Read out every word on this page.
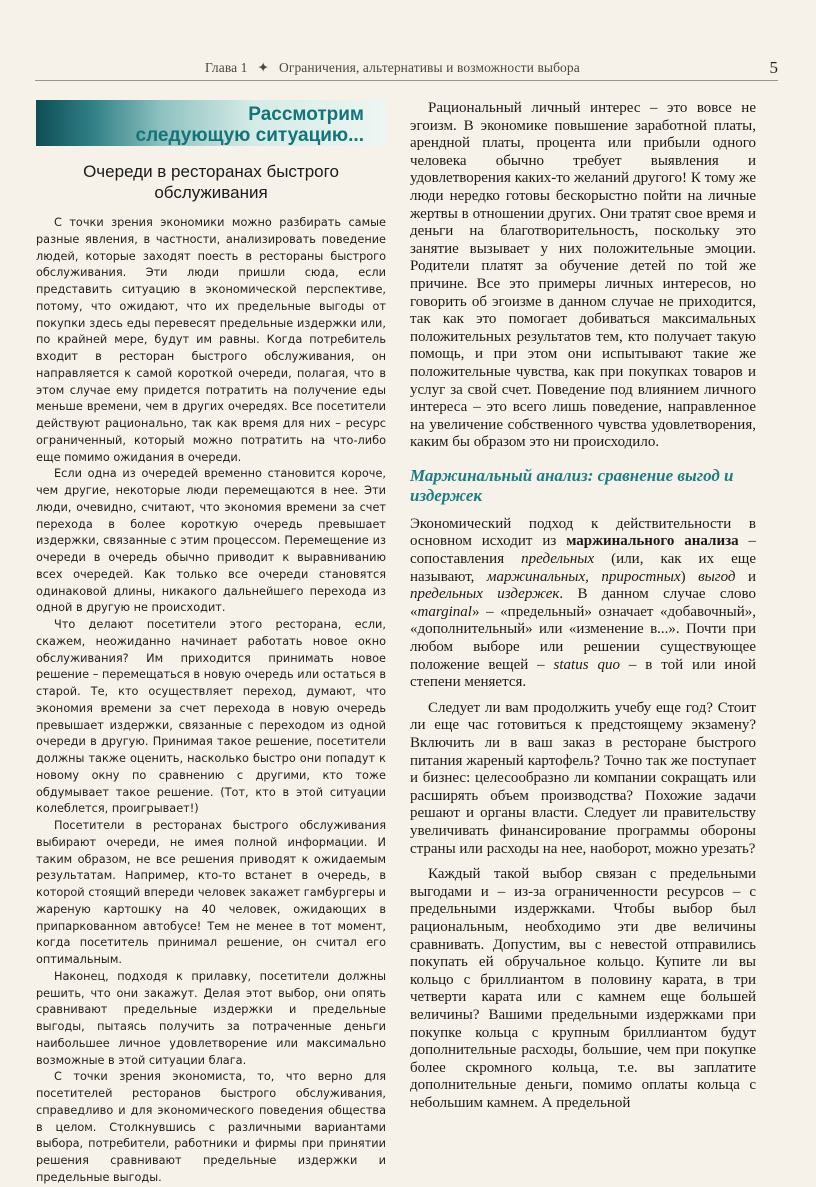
Глава 1 ✦ Ограничения, альтернативы и возможности выбора	5
Рассмотрим
следующую ситуацию...
Очереди в ресторанах быстрого
обслуживания

С точки зрения экономики можно разбирать самые разные явления, в частности, анализировать поведение людей, которые заходят поесть в рестораны быстрого обслуживания. Эти люди пришли сюда, если представить ситуацию в экономической перспективе, потому, что ожидают, что их предельные выгоды от покупки здесь еды перевесят предельные издержки или, по крайней мере, будут им равны. Когда потребитель входит в ресторан быстрого обслуживания, он направляется к самой короткой очереди, полагая, что в этом случае ему придется потратить на получение еды меньше времени, чем в других очередях. Все посетители действуют рационально, так как время для них – ресурс ограниченный, который можно потратить на что-либо еще помимо ожидания в очереди.

Если одна из очередей временно становится короче, чем другие, некоторые люди перемещаются в нее. Эти люди, очевидно, считают, что экономия времени за счет перехода в более короткую очередь превышает издержки, связанные с этим процессом. Перемещение из очереди в очередь обычно приводит к выравниванию всех очередей. Как только все очереди становятся одинаковой длины, никакого дальнейшего перехода из одной в другую не происходит.

Что делают посетители этого ресторана, если, скажем, неожиданно начинает работать новое окно обслуживания? Им приходится принимать новое решение – перемещаться в новую очередь или остаться в старой. Те, кто осуществляет переход, думают, что экономия времени за счет перехода в новую очередь превышает издержки, связанные с переходом из одной очереди в другую. Принимая такое решение, посетители должны также оценить, насколько быстро они попадут к новому окну по сравнению с другими, кто тоже обдумывает такое решение. (Тот, кто в этой ситуации колеблется, проигрывает!)

Посетители в ресторанах быстрого обслуживания выбирают очереди, не имея полной информации. И таким образом, не все решения приводят к ожидаемым результатам. Например, кто-то встанет в очередь, в которой стоящий впереди человек закажет гамбургеры и жареную картошку на 40 человек, ожидающих в припаркованном автобусе! Тем не менее в тот момент, когда посетитель принимал решение, он считал его оптимальным.

Наконец, подходя к прилавку, посетители должны решить, что они закажут. Делая этот выбор, они опять сравнивают предельные издержки и предельные выгоды, пытаясь получить за потраченные деньги наибольшее личное удовлетворение или максимально возможные в этой ситуации блага.

С точки зрения экономиста, то, что верно для посетителей ресторанов быстрого обслуживания, справедливо и для экономического поведения общества в целом. Столкнувшись с различными вариантами выбора, потребители, работники и фирмы при принятии решения сравнивают предельные издержки и предельные выгоды.

Рациональный личный интерес – это вовсе не эгоизм. В экономике повышение заработной платы, арендной платы, процента или прибыли одного человека обычно требует выявления и удовлетворения каких-то желаний другого! К тому же люди нередко готовы бескорыстно пойти на личные жертвы в отношении других. Они тратят свое время и деньги на благотворительность, поскольку это занятие вызывает у них положительные эмоции. Родители платят за обучение детей по той же причине. Все это примеры личных интересов, но говорить об эгоизме в данном случае не приходится, так как это помогает добиваться максимальных положительных результатов тем, кто получает такую помощь, и при этом они испытывают такие же положительные чувства, как при покупках товаров и услуг за свой счет. Поведение под влиянием личного интереса – это всего лишь поведение, направленное на увеличение собственного чувства удовлетворения, каким бы образом это ни происходило.

Маржинальный анализ: сравнение выгод и издержек

Экономический подход к действительности в основном исходит из маржинального анализа – сопоставления предельных (или, как их еще называют, маржинальных, приростных) выгод и предельных издержек. В данном случае слово «marginal» – «предельный» означает «добавочный», «дополнительный» или «изменение в...». Почти при любом выборе или решении существующее положение вещей – status quo – в той или иной степени меняется.

Следует ли вам продолжить учебу еще год? Стоит ли еще час готовиться к предстоящему экзамену? Включить ли в ваш заказ в ресторане быстрого питания жареный картофель? Точно так же поступает и бизнес: целесообразно ли компании сокращать или расширять объем производства? Похожие задачи решают и органы власти. Следует ли правительству увеличивать финансирование программы обороны страны или расходы на нее, наоборот, можно урезать?

Каждый такой выбор связан с предельными выгодами и – из-за ограниченности ресурсов – с предельными издержками. Чтобы выбор был рациональным, необходимо эти две величины сравнивать. Допустим, вы с невестой отправились покупать ей обручальное кольцо. Купите ли вы кольцо с бриллиантом в половину карата, в три четверти карата или с камнем еще большей величины? Вашими предельными издержками при покупке кольца с крупным бриллиантом будут дополнительные расходы, большие, чем при покупке более скромного кольца, т.е. вы заплатите дополнительные деньги, помимо оплаты кольца с небольшим камнем. А предельной
